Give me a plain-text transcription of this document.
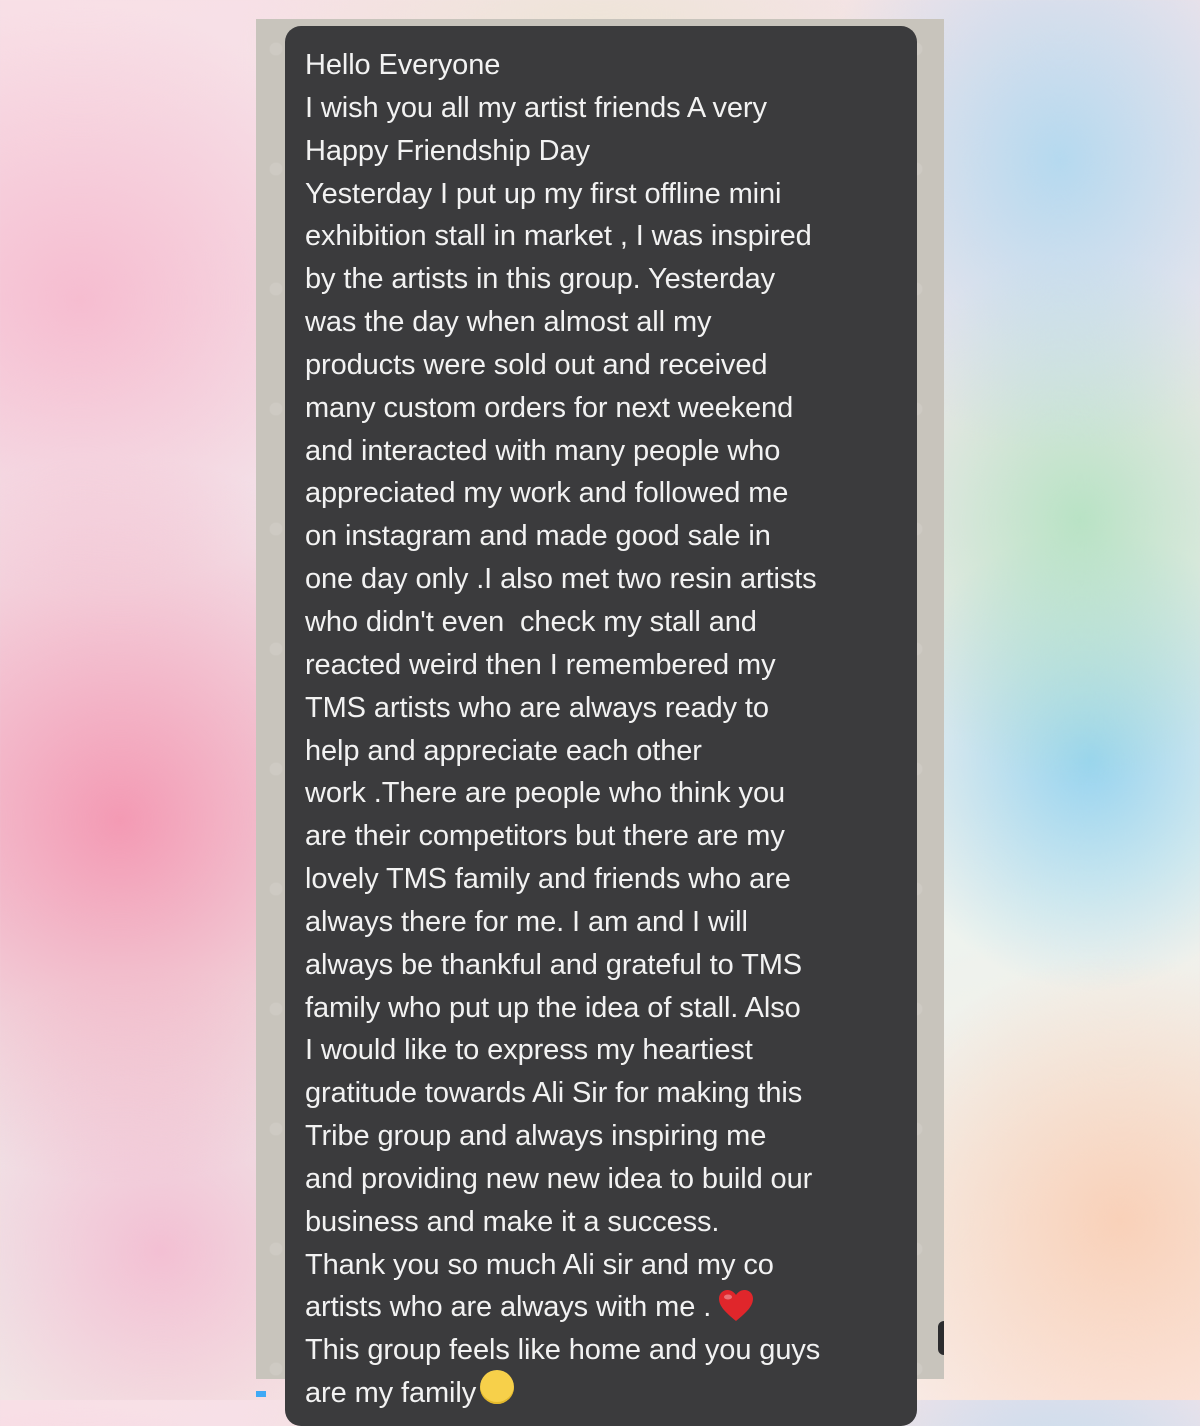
Hello Everyone
I wish you all my artist friends A very
Happy Friendship Day
Yesterday I put up my first offline mini
exhibition stall in market , I was inspired
by the artists in this group. Yesterday
was the day when almost all my
products were sold out and received
many custom orders for next weekend
and interacted with many people who
appreciated my work and followed me
on instagram and made good sale in
one day only .I also met two resin artists
who didn't even  check my stall and
reacted weird then I remembered my
TMS artists who are always ready to
help and appreciate each other
work .There are people who think you
are their competitors but there are my
lovely TMS family and friends who are
always there for me. I am and I will
always be thankful and grateful to TMS
family who put up the idea of stall. Also
I would like to express my heartiest
gratitude towards Ali Sir for making this
Tribe group and always inspiring me
and providing new new idea to build our
business and make it a success.
Thank you so much Ali sir and my co
artists who are always with me .
This group feels like home and you guys
are my family
